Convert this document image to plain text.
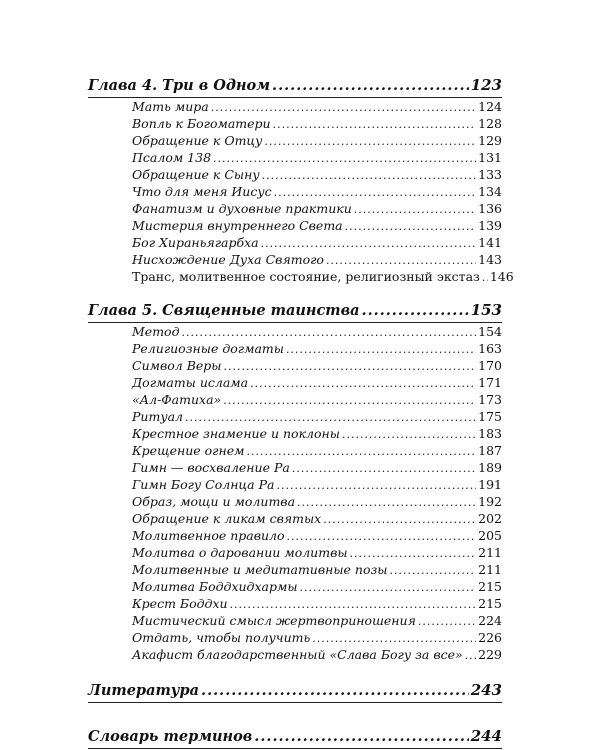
Глава 4. Три в Одном .....	123
Мать мира .....	124
Вопль к Богоматери .....	128
Обращение к Отцу .....	129
Псалом 138 .....	131
Обращение к Сыну .....	133
Что для меня Иисус .....	134
Фанатизм и духовные практики .....	136
Мистерия внутреннего Света .....	139
Бог Хираньягарбха .....	141
Нисхождение Духа Святого .....	143
Транс, молитвенное состояние, религиозный экстаз ..... 146
Глава 5. Священные таинства .....	153
Метод .....	154
Религиозные догматы .....	163
Символ Веры .....	170
Догматы ислама .....	171
«Ал-Фатиха» .....	173
Ритуал .....	175
Крестное знамение и поклоны .....	183
Крещение огнем .....	187
Гимн — восхваление Ра .....	189
Гимн Богу Солнца Ра .....	191
Образ, мощи и молитва .....	192
Обращение к ликам святых .....	202
Молитвенное правило .....	205
Молитва о даровании молитвы .....	211
Молитвенные и медитативные позы .....	211
Молитва Боддхидхармы .....	215
Крест Боддхи .....	215
Мистический смысл жертвоприношения .....	224
Отдать, чтобы получить .....	226
Акафист благодарственный «Слава Богу за все» ..... 229
Литература .....	243
Словарь терминов .....	244
